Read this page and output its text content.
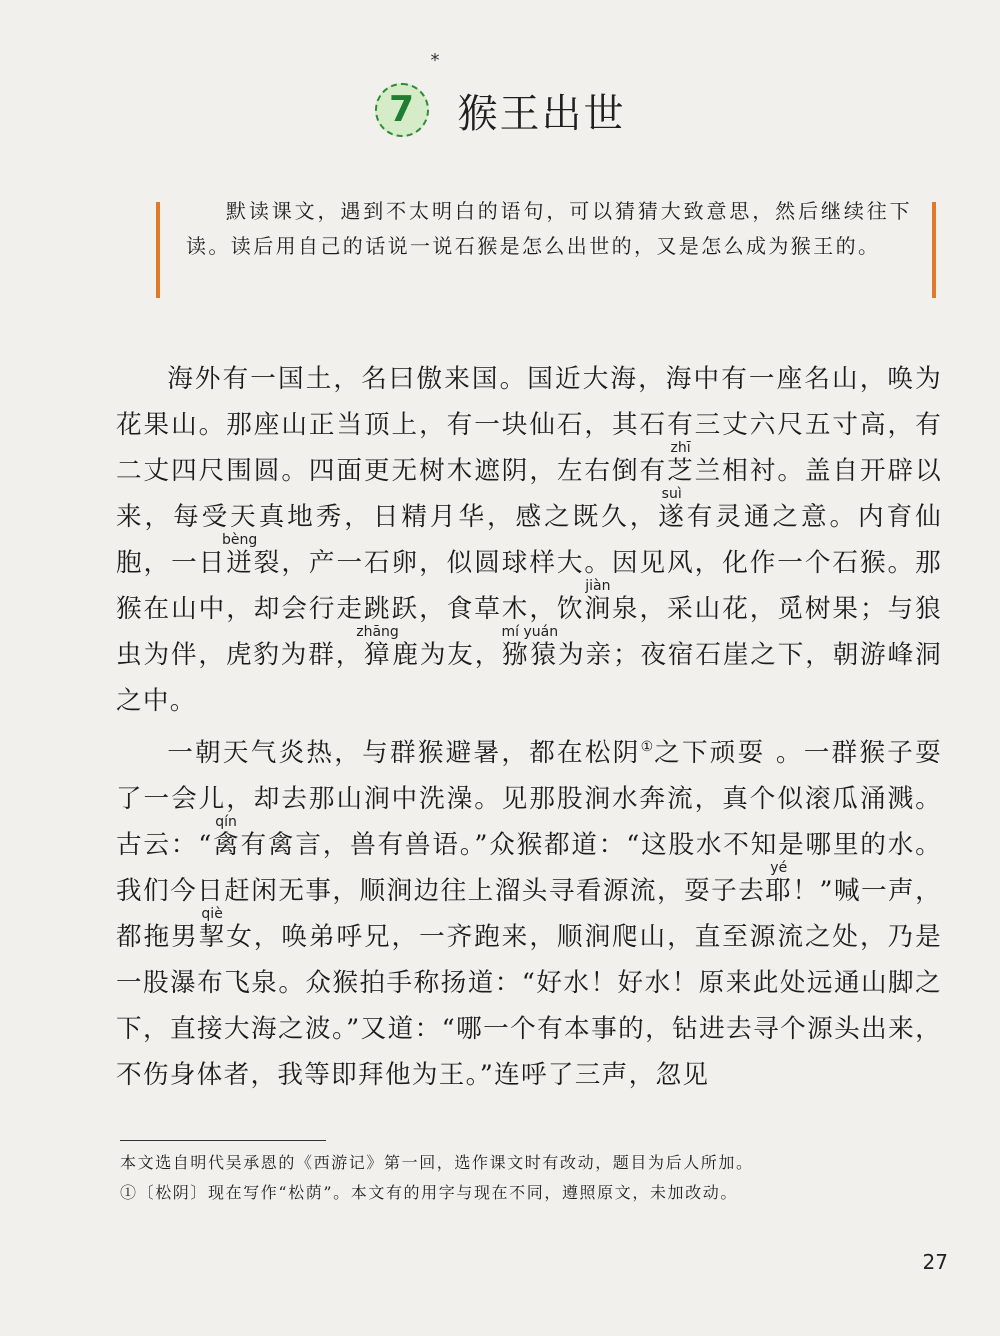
7
*
猴王出世

默读课文，遇到不太明白的语句，可以猜猜大致意思，然后继续往下读。读后用自己的话说一说石猴是怎么出世的，又是怎么成为猴王的。

海外有一国土，名曰傲来国。国近大海，海中有一座名山，唤为花果山。那座山正当顶上，有一块仙石，其石有三丈六尺五寸高，有二丈四尺围圆。四面更无树木遮阴，左右倒有芝zhī兰相衬。盖自开辟以来，每受天真地秀，日精月华，感之既久，遂suì有灵通之意。内育仙胞，一日迸bèng裂，产一石卵，似圆球样大。因见风，化作一个石猴。那猴在山中，却会行走跳跃，食草木，饮涧jiàn泉，采山花，觅树果；与狼虫为伴，虎豹为群，獐zhāng鹿为友，猕猿mí yuán为亲；夜宿石崖之下，朝游峰洞之中。

一朝天气炎热，与群猴避暑，都在松阴①之下顽耍 。一群猴子耍了一会儿，却去那山涧中洗澡。见那股涧水奔流，真个似滚瓜涌溅。古云：“禽qín有禽言，兽有兽语。”众猴都道：“这股水不知是哪里的水。我们今日赶闲无事，顺涧边往上溜头寻看源流，耍子去耶yé！”喊一声，都拖男挈qiè女，唤弟呼兄，一齐跑来，顺涧爬山，直至源流之处，乃是一股瀑布飞泉。众猴拍手称扬道：“好水！好水！原来此处远通山脚之下，直接大海之波。”又道：“哪一个有本事的，钻进去寻个源头出来，不伤身体者，我等即拜他为王。”连呼了三声，忽见

本文选自明代吴承恩的《西游记》第一回，选作课文时有改动，题目为后人所加。

①〔松阴〕现在写作“松荫”。本文有的用字与现在不同，遵照原文，未加改动。

27
